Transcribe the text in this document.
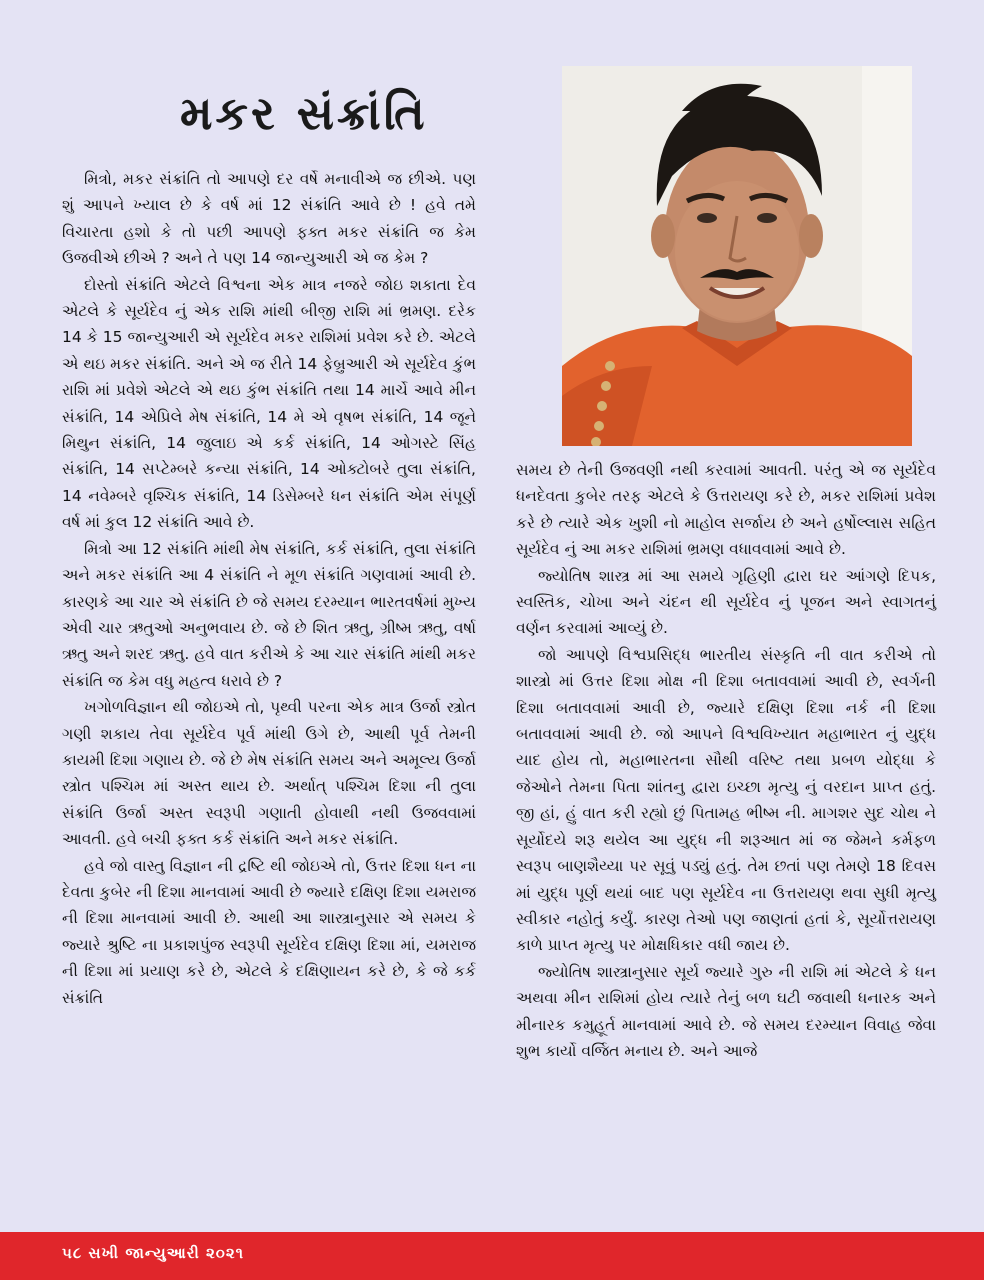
મકર સંક્રાંતિ

મિત્રો, મકર સંક્રાંતિ તો આપણે દર વર્ષે મનાવીએ જ છીએ. પણ શું આપને ખ્યાલ છે કે વર્ષ માં 12 સંક્રાંતિ આવે છે ! હવે તમે વિચારતા હશો કે તો પછી આપણે ફક્ત મકર સંક્રાંતિ જ કેમ ઉજવીએ છીએ ? અને તે પણ 14 જાન્યુઆરી એ જ કેમ ?

દોસ્તો સંક્રાંતિ એટલે વિશ્વના એક માત્ર નજરે જોઇ શકાતા દેવ એટલે કે સૂર્યદેવ નું એક રાશિ માંથી બીજી રાશિ માં ભ્રમણ. દરેક 14 કે 15 જાન્યુઆરી એ સૂર્યદેવ મકર રાશિમાં પ્રવેશ કરે છે. એટલે એ થઇ મકર સંક્રાંતિ. અને એ જ રીતે 14 ફેબ્રુઆરી એ સૂર્યદેવ કુંભ રાશિ માં પ્રવેશે એટલે એ થઇ કુંભ સંક્રાંતિ તથા 14 માર્ચે આવે મીન સંક્રાંતિ, 14 એપ્રિલે મેષ સંક્રાંતિ, 14 મે એ વૃષભ સંક્રાંતિ, 14 જૂને મિથુન સંક્રાંતિ, 14 જુલાઇ એ કર્ક સંક્રાંતિ, 14 ઓગસ્ટે સિંહ સંક્રાંતિ, 14 સપ્ટેમ્બરે કન્યા સંક્રાંતિ, 14 ઓક્ટોબરે તુલા સંક્રાંતિ, 14 નવેમ્બરે વૃશ્ચિક સંક્રાંતિ, 14 ડિસેમ્બરે ધન સંક્રાંતિ એમ સંપૂર્ણ વર્ષ માં કુલ 12 સંક્રાંતિ આવે છે.

મિત્રો આ 12 સંક્રાંતિ માંથી મેષ સંક્રાંતિ, કર્ક સંક્રાંતિ, તુલા સંક્રાંતિ અને મકર સંક્રાંતિ આ 4 સંક્રાંતિ ને મૂળ સંક્રાંતિ ગણવામાં આવી છે. કારણકે આ ચાર એ સંક્રાંતિ છે જે સમય દરમ્યાન ભારતવર્ષમાં મુખ્ય એવી ચાર ઋતુઓ અનુભવાય છે. જે છે શિત ઋતુ, ગ્રીષ્મ ઋતુ, વર્ષા ઋતુ અને શરદ ઋતુ. હવે વાત કરીએ કે આ ચાર સંક્રાંતિ માંથી મકર સંક્રાંતિ જ કેમ વધુ મહત્વ ધરાવે છે ?

ખગોળવિજ્ઞાન થી જોઇએ તો, પૃથ્વી પરના એક માત્ર ઉર્જા સ્ત્રોત ગણી શકાય તેવા સૂર્યદેવ પૂર્વ માંથી ઉગે છે, આથી પૂર્વ તેમની કાયમી દિશા ગણાય છે. જે છે મેષ સંક્રાંતિ સમય અને અમૂલ્ય ઉર્જા સ્ત્રોત પશ્ચિમ માં અસ્ત થાય છે. અર્થાત્ પશ્ચિમ દિશા ની તુલા સંક્રાંતિ ઉર્જા અસ્ત સ્વરૂપી ગણાતી હોવાથી નથી ઉજવવામાં આવતી. હવે બચી ફક્ત કર્ક સંક્રાંતિ અને મકર સંક્રાંતિ.

હવે જો વાસ્તુ વિજ્ઞાન ની દ્રષ્ટિ થી જોઇએ તો, ઉત્તર દિશા ધન ના દેવતા કુબેર ની દિશા માનવામાં આવી છે જ્યારે દક્ષિણ દિશા યમરાજ ની દિશા માનવામાં આવી છે. આથી આ શાસ્ત્રાનુસાર એ સમય કે જ્યારે શ્રુષ્ટિ ના પ્રકાશપુંજ સ્વરૂપી સૂર્યદેવ દક્ષિણ દિશા માં, યમરાજ ની દિશા માં પ્રયાણ કરે છે, એટલે કે દક્ષિણાયન કરે છે, કે જે કર્ક સંક્રાંતિ

સમય છે તેની ઉજવણી નથી કરવામાં આવતી. પરંતુ એ જ સૂર્યદેવ ધનદેવતા કુબેર તરફ એટલે કે ઉત્તરાયણ કરે છે, મકર રાશિમાં પ્રવેશ કરે છે ત્યારે એક ખુશી નો માહોલ સર્જાય છે અને હર્ષોલ્લાસ સહિત સૂર્યદેવ નું આ મકર રાશિમાં ભ્રમણ વધાવવામાં આવે છે.

જ્યોતિષ શાસ્ત્ર માં આ સમયે ગૃહિણી દ્વારા ઘર આંગણે દિપક, સ્વસ્તિક, ચોખા અને ચંદન થી સૂર્યદેવ નું પૂજન અને સ્વાગતનું વર્ણન કરવામાં આવ્યું છે.

જો આપણે વિશ્વપ્રસિદ્ધ ભારતીય સંસ્કૃતિ ની વાત કરીએ તો શાસ્ત્રો માં ઉત્તર દિશા મોક્ષ ની દિશા બતાવવામાં આવી છે, સ્વર્ગની દિશા બતાવવામાં આવી છે, જ્યારે દક્ષિણ દિશા નર્ક ની દિશા બતાવવામાં આવી છે. જો આપને વિશ્વવિખ્યાત મહાભારત નું યુદ્ધ યાદ હોય તો, મહાભારતના સૌથી વરિષ્ટ તથા પ્રબળ યોદ્ધા કે જેઓને તેમના પિતા શાંતનુ દ્વારા ઇચ્છા મૃત્યુ નું વરદાન પ્રાપ્ત હતું. જી હાં, હું વાત કરી રહ્યો છું પિતામહ ભીષ્મ ની. માગશર સુદ ચોથ ને સૂર્યોદયે શરૂ થયેલ આ યુદ્ધ ની શરૂઆત માં જ જેમને કર્મફળ સ્વરૂપ બાણશૈય્યા પર સૂવું પડ્યું હતું. તેમ છતાં પણ તેમણે 18 દિવસ માં યુદ્ધ પૂર્ણ થયાં બાદ પણ સૂર્યદેવ ના ઉત્તરાયણ થવા સુધી મૃત્યુ સ્વીકાર નહોતું કર્યું. કારણ તેઓ પણ જાણતાં હતાં કે, સૂર્યોત્તરાયણ કાળે પ્રાપ્ત મૃત્યુ પર મોક્ષધિકાર વધી જાય છે.

જ્યોતિષ શાસ્ત્રાનુસાર સૂર્ય જ્યારે ગુરુ ની રાશિ માં એટલે કે ધન અથવા મીન રાશિમાં હોય ત્યારે તેનું બળ ઘટી જવાથી ધનારક અને મીનારક કમુહૂર્ત માનવામાં આવે છે. જે સમય દરમ્યાન વિવાહ જેવા શુભ કાર્યો વર્જિત મનાય છે. અને આજે

૫૮ સખી જાન્યુઆરી ૨૦૨૧
